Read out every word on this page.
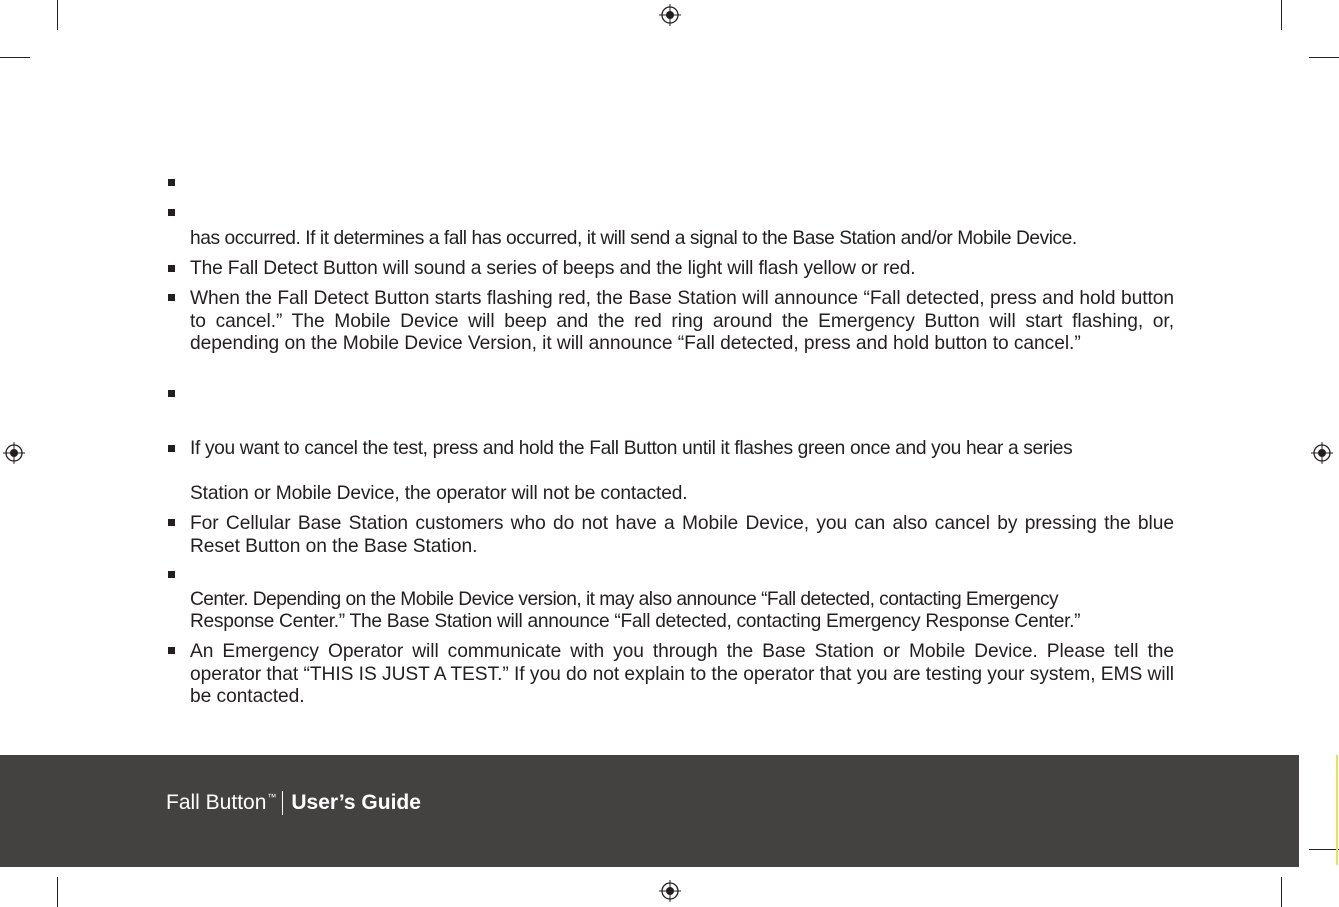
has occurred. If it determines a fall has occurred, it will send a signal to the Base Station and/or Mobile Device.
The Fall Detect Button will sound a series of beeps and the light will flash yellow or red.
When the Fall Detect Button starts flashing red, the Base Station will announce “Fall detected, press and hold button to cancel.” The Mobile Device will beep and the red ring around the Emergency Button will start flashing, or, depending on the Mobile Device Version, it will announce “Fall detected, press and hold button to cancel.”
If you want to cancel the test, press and hold the Fall Button until it flashes green once and you hear a series
Station or Mobile Device, the operator will not be contacted.
For Cellular Base Station customers who do not have a Mobile Device, you can also cancel by pressing the blue Reset Button on the Base Station.
Center. Depending on the Mobile Device version, it may also announce “Fall detected, contacting Emergency
Response Center.” The Base Station will announce “Fall detected, contacting Emergency Response Center.”
An Emergency Operator will communicate with you through the Base Station or Mobile Device. Please tell the operator that “THIS IS JUST A TEST.” If you do not explain to the operator that you are testing your system, EMS will be contacted.
Fall Button ™ User’s Guide
